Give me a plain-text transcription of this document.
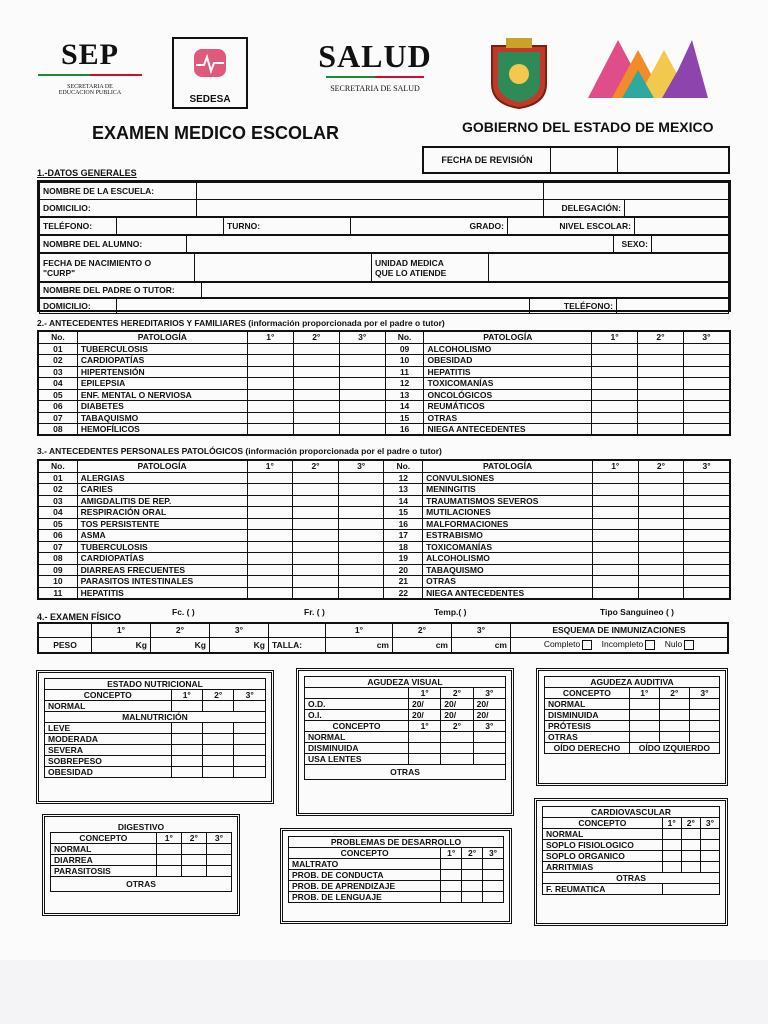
SEP
SECRETARIA DE
EDUCACION PUBLICA
SEDESA
SALUD
SECRETARIA DE SALUD
EXAMEN MEDICO ESCOLAR	GOBIERNO DEL ESTADO DE MEXICO
FECHA DE REVISIÓN		
1.-DATOS GENERALES
NOMBRE DE LA ESCUELA:			
DOMICILIO:		DELEGACIÓN:	
TELÉFONO:		TURNO:	GRADO:	NIVEL ESCOLAR:	
NOMBRE DEL ALUMNO:		SEXO:	
FECHA DE NACIMIENTO O
"CURP"

UNIDAD MEDICA
QUE LO ATIENDE

NOMBRE DEL PADRE O TUTOR:	
DOMICILIO:		TELÉFONO:	
2.- ANTECEDENTES HEREDITARIOS Y FAMILIARES (información proporcionada por el padre o tutor)
No.	PATOLOGÍA	1°	2°	3°	No.	PATOLOGÍA	1°	2°	3°
01	TUBERCULOSIS				09	ALCOHOLISMO			
02	CARDIOPATÍAS				10	OBESIDAD			
03	HIPERTENSIÓN				11	HEPATITIS			
04	EPILEPSIA				12	TOXICOMANÍAS			
05	ENF. MENTAL O NERVIOSA				13	ONCOLÓGICOS			
06	DIABETES				14	REUMÁTICOS			
07	TABAQUISMO				15	OTRAS			
08	HEMOFÍLICOS				16	NIEGA ANTECEDENTES			
3.- ANTECEDENTES PERSONALES PATOLÓGICOS (información proporcionada por el padre o tutor)
No.	PATOLOGÍA	1°	2°	3°	No.	PATOLOGÍA	1°	2°	3°
01	ALERGIAS				12	CONVULSIONES			
02	CARIES				13	MENINGITIS			
03	AMIGDALITIS DE REP.				14	TRAUMATISMOS SEVEROS			
04	RESPIRACIÓN ORAL				15	MUTILACIONES			
05	TOS PERSISTENTE				16	MALFORMACIONES			
06	ASMA				17	ESTRABISMO			
07	TUBERCULOSIS				18	TOXICOMANÍAS			
08	CARDIOPATÍAS				19	ALCOHOLISMO			
09	DIARREAS FRECUENTES				20	TABAQUISMO			
10	PARASITOS INTESTINALES				21	OTRAS			
11	HEPATITIS				22	NIEGA ANTECEDENTES			
4.- EXAMEN FÍSICO	Fc. ( )	Fr. ( )	Temp.( )	Tipo Sanguineo ( )
	1°	2°	3°		1°	2°	3°	ESQUEMA DE INMUNIZACIONES
PESO	Kg	Kg	Kg	TALLA:	cm	cm	cm	Completo Incompleto Nulo
ESTADO NUTRICIONAL			
CONCEPTO	1°	2°	3°
NORMAL			
MALNUTRICIÓN			
LEVE			
MODERADA			
SEVERA			
SOBREPESO			
OBESIDAD			
AGUDEZA VISUAL			
	1°	2°	3°
O.D.	20/	20/	20/
O.I.	20/	20/	20/
CONCEPTO	1°	2°	3°
NORMAL			
DISMINUIDA			
USA LENTES			
OTRAS			
AGUDEZA AUDITIVA			
CONCEPTO	1°	2°	3°
NORMAL			
DISMINUIDA			
PRÓTESIS			
OTRAS			
OÍDO DERECHO	OÍDO IZQUIERDO		
DIGESTIVO			
CONCEPTO	1°	2°	3°
NORMAL			
DIARREA			
PARASITOSIS			
OTRAS			
PROBLEMAS DE DESARROLLO			
CONCEPTO	1°	2°	3°
MALTRATO			
PROB. DE CONDUCTA			
PROB. DE APRENDIZAJE			
PROB. DE LENGUAJE			
CARDIOVASCULAR			
CONCEPTO	1°	2°	3°
NORMAL			
SOPLO FISIOLOGICO			
SOPLO ORGANICO			
ARRITMIAS			
OTRAS			
F. REUMATICA			
